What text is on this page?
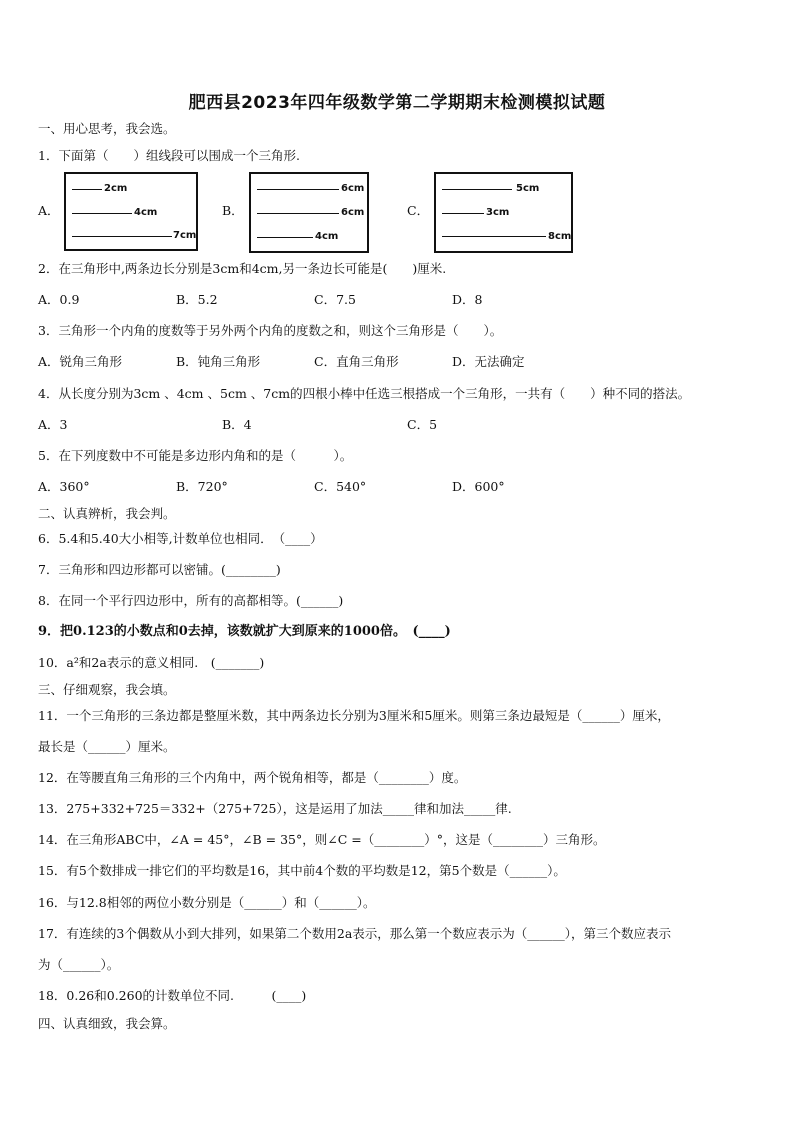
肥西县2023年四年级数学第二学期期末检测模拟试题
一、用心思考，我会选。
1．下面第（　　）组线段可以围成一个三角形.
A．
2cm
4cm
7cm
B．
6cm
6cm
4cm
C．
5cm
3cm
8cm
2．在三角形中,两条边长分别是3cm和4cm,另一条边长可能是(　　)厘米.
A．0.9	B．5.2	C．7.5	D．8
3．三角形一个内角的度数等于另外两个内角的度数之和，则这个三角形是（　　）。
A．锐角三角形	B．钝角三角形	C．直角三角形	D．无法确定
4．从长度分别为3cm 、4cm 、5cm 、7cm的四根小棒中任选三根搭成一个三角形，一共有（　　）种不同的搭法。
A．3	B．4	C．5
5．在下列度数中不可能是多边形内角和的是（　　　）。
A．360°	B．720°	C．540°	D．600°
二、认真辨析，我会判。
6．5.4和5.40大小相等,计数单位也相同．　（____）
7．三角形和四边形都可以密铺。(________)
8．在同一个平行四边形中，所有的高都相等。(______)
9．把0.123的小数点和0去掉，该数就扩大到原来的1000倍。　(____)
10．a²和2a表示的意义相同.　(_______)
三、仔细观察，我会填。
11．一个三角形的三条边都是整厘米数，其中两条边长分别为3厘米和5厘米。则第三条边最短是（______）厘米，
最长是（______）厘米。
12．在等腰直角三角形的三个内角中，两个锐角相等，都是（________）度。
13．275+332+725＝332+（275+725），这是运用了加法_____律和加法_____律.
14．在三角形ABC中，∠A = 45°，∠B = 35°，则∠C =（________）°，这是（________）三角形。
15．有5个数排成一排它们的平均数是16，其中前4个数的平均数是12，第5个数是（______）。
16．与12.8相邻的两位小数分别是（______）和（______）。
17．有连续的3个偶数从小到大排列，如果第二个数用2a表示，那么第一个数应表示为（______），第三个数应表示
为（______）。
18．0.26和0.260的计数单位不同.　　　(____)
四、认真细致，我会算。
